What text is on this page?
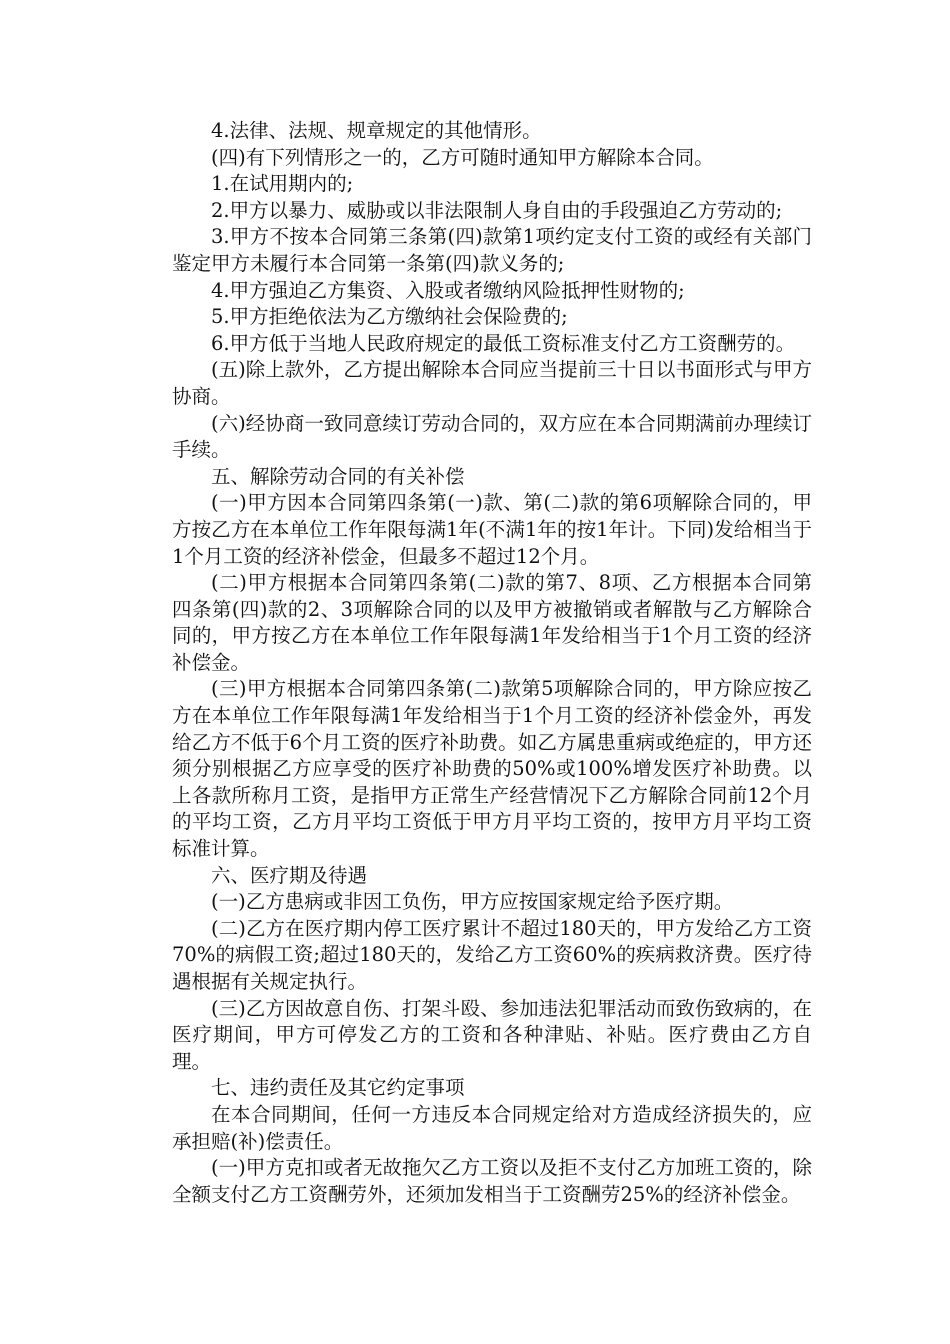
4.法律、法规、规章规定的其他情形。

(四)有下列情形之一的，乙方可随时通知甲方解除本合同。

1.在试用期内的;

2.甲方以暴力、威胁或以非法限制人身自由的手段强迫乙方劳动的;

3.甲方不按本合同第三条第(四)款第1项约定支付工资的或经有关部门鉴定甲方未履行本合同第一条第(四)款义务的;

4.甲方强迫乙方集资、入股或者缴纳风险抵押性财物的;

5.甲方拒绝依法为乙方缴纳社会保险费的;

6.甲方低于当地人民政府规定的最低工资标准支付乙方工资酬劳的。

(五)除上款外，乙方提出解除本合同应当提前三十日以书面形式与甲方协商。

(六)经协商一致同意续订劳动合同的，双方应在本合同期满前办理续订手续。

五、解除劳动合同的有关补偿

(一)甲方因本合同第四条第(一)款、第(二)款的第6项解除合同的，甲方按乙方在本单位工作年限每满1年(不满1年的按1年计。下同)发给相当于1个月工资的经济补偿金，但最多不超过12个月。

(二)甲方根据本合同第四条第(二)款的第7、8项、乙方根据本合同第四条第(四)款的2、3项解除合同的以及甲方被撤销或者解散与乙方解除合同的，甲方按乙方在本单位工作年限每满1年发给相当于1个月工资的经济补偿金。

(三)甲方根据本合同第四条第(二)款第5项解除合同的，甲方除应按乙方在本单位工作年限每满1年发给相当于1个月工资的经济补偿金外，再发给乙方不低于6个月工资的医疗补助费。如乙方属患重病或绝症的，甲方还须分别根据乙方应享受的医疗补助费的50%或100%增发医疗补助费。以上各款所称月工资，是指甲方正常生产经营情况下乙方解除合同前12个月的平均工资，乙方月平均工资低于甲方月平均工资的，按甲方月平均工资标准计算。

六、医疗期及待遇

(一)乙方患病或非因工负伤，甲方应按国家规定给予医疗期。

(二)乙方在医疗期内停工医疗累计不超过180天的，甲方发给乙方工资70%的病假工资;超过180天的，发给乙方工资60%的疾病救济费。医疗待遇根据有关规定执行。

(三)乙方因故意自伤、打架斗殴、参加违法犯罪活动而致伤致病的，在医疗期间，甲方可停发乙方的工资和各种津贴、补贴。医疗费由乙方自理。

七、违约责任及其它约定事项

在本合同期间，任何一方违反本合同规定给对方造成经济损失的，应承担赔(补)偿责任。

(一)甲方克扣或者无故拖欠乙方工资以及拒不支付乙方加班工资的，除全额支付乙方工资酬劳外，还须加发相当于工资酬劳25%的经济补偿金。
